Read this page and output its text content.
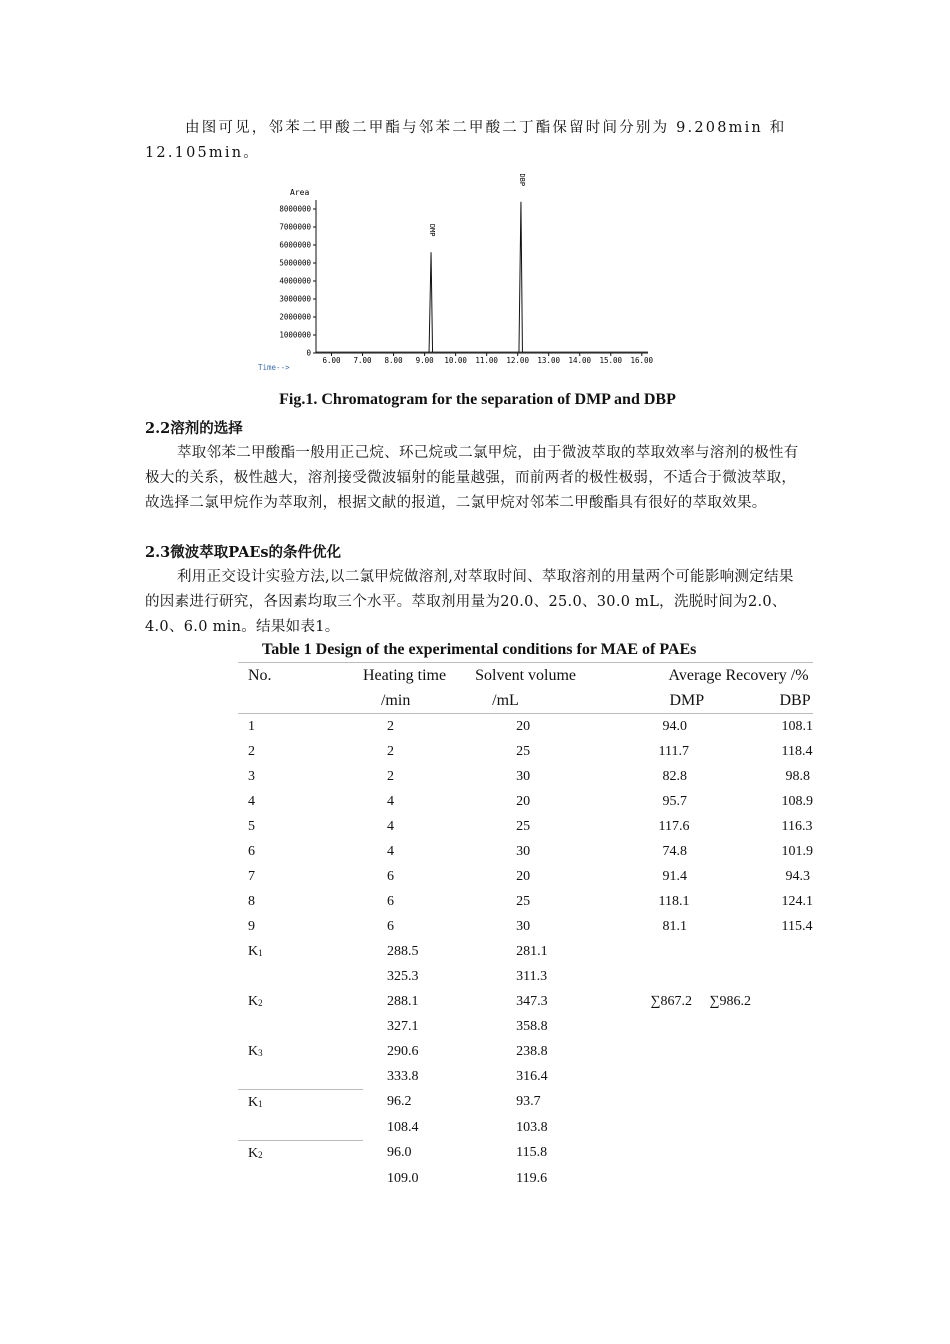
由图可见，邻苯二甲酸二甲酯与邻苯二甲酸二丁酯保留时间分别为 9.208min 和 12.105min。
Area
0
1000000
2000000
3000000
4000000
5000000
6000000
7000000
8000000
6.00 7.00 8.00 9.00 10.00 11.00 12.00 13.00 14.00 15.00 16.00
DMP
DBP
Time-->
Fig.1. Chromatogram for the separation of DMP and DBP
2.2溶剂的选择
萃取邻苯二甲酸酯一般用正己烷、环己烷或二氯甲烷，由于微波萃取的萃取效率与溶剂的极性有极大的关系，极性越大，溶剂接受微波辐射的能量越强，而前两者的极性极弱，不适合于微波萃取，故选择二氯甲烷作为萃取剂，根据文献的报道，二氯甲烷对邻苯二甲酸酯具有很好的萃取效果。
2.3微波萃取PAEs的条件优化
利用正交设计实验方法,以二氯甲烷做溶剂,对萃取时间、萃取溶剂的用量两个可能影响测定结果的因素进行研究，各因素均取三个水平。萃取剂用量为20.0、25.0、30.0 mL，洗脱时间为2.0、4.0、6.0 min。结果如表1。
Table 1 Design of the experimental conditions for MAE of PAEs
No.	Heating time	Solvent volume		Average Recovery /%	
	/min	/mL		DMP	DBP
1	2	20		94.0	108.1
2	2	25		111.7	118.4
3	2	30		82.8	98.8
4	4	20		95.7	108.9
5	4	25		117.6	116.3
6	4	30		74.8	101.9
7	6	20		91.4	94.3
8	6	25		118.1	124.1
9	6	30		81.1	115.4
K1	288.5	281.1			
	325.3	311.3			
K2	288.1	347.3		∑867.2     ∑986.2	
	327.1	358.8			
K3	290.6	238.8			
	333.8	316.4			
K1	96.2	93.7			
	108.4	103.8			
K2	96.0	115.8			
	109.0	119.6			
